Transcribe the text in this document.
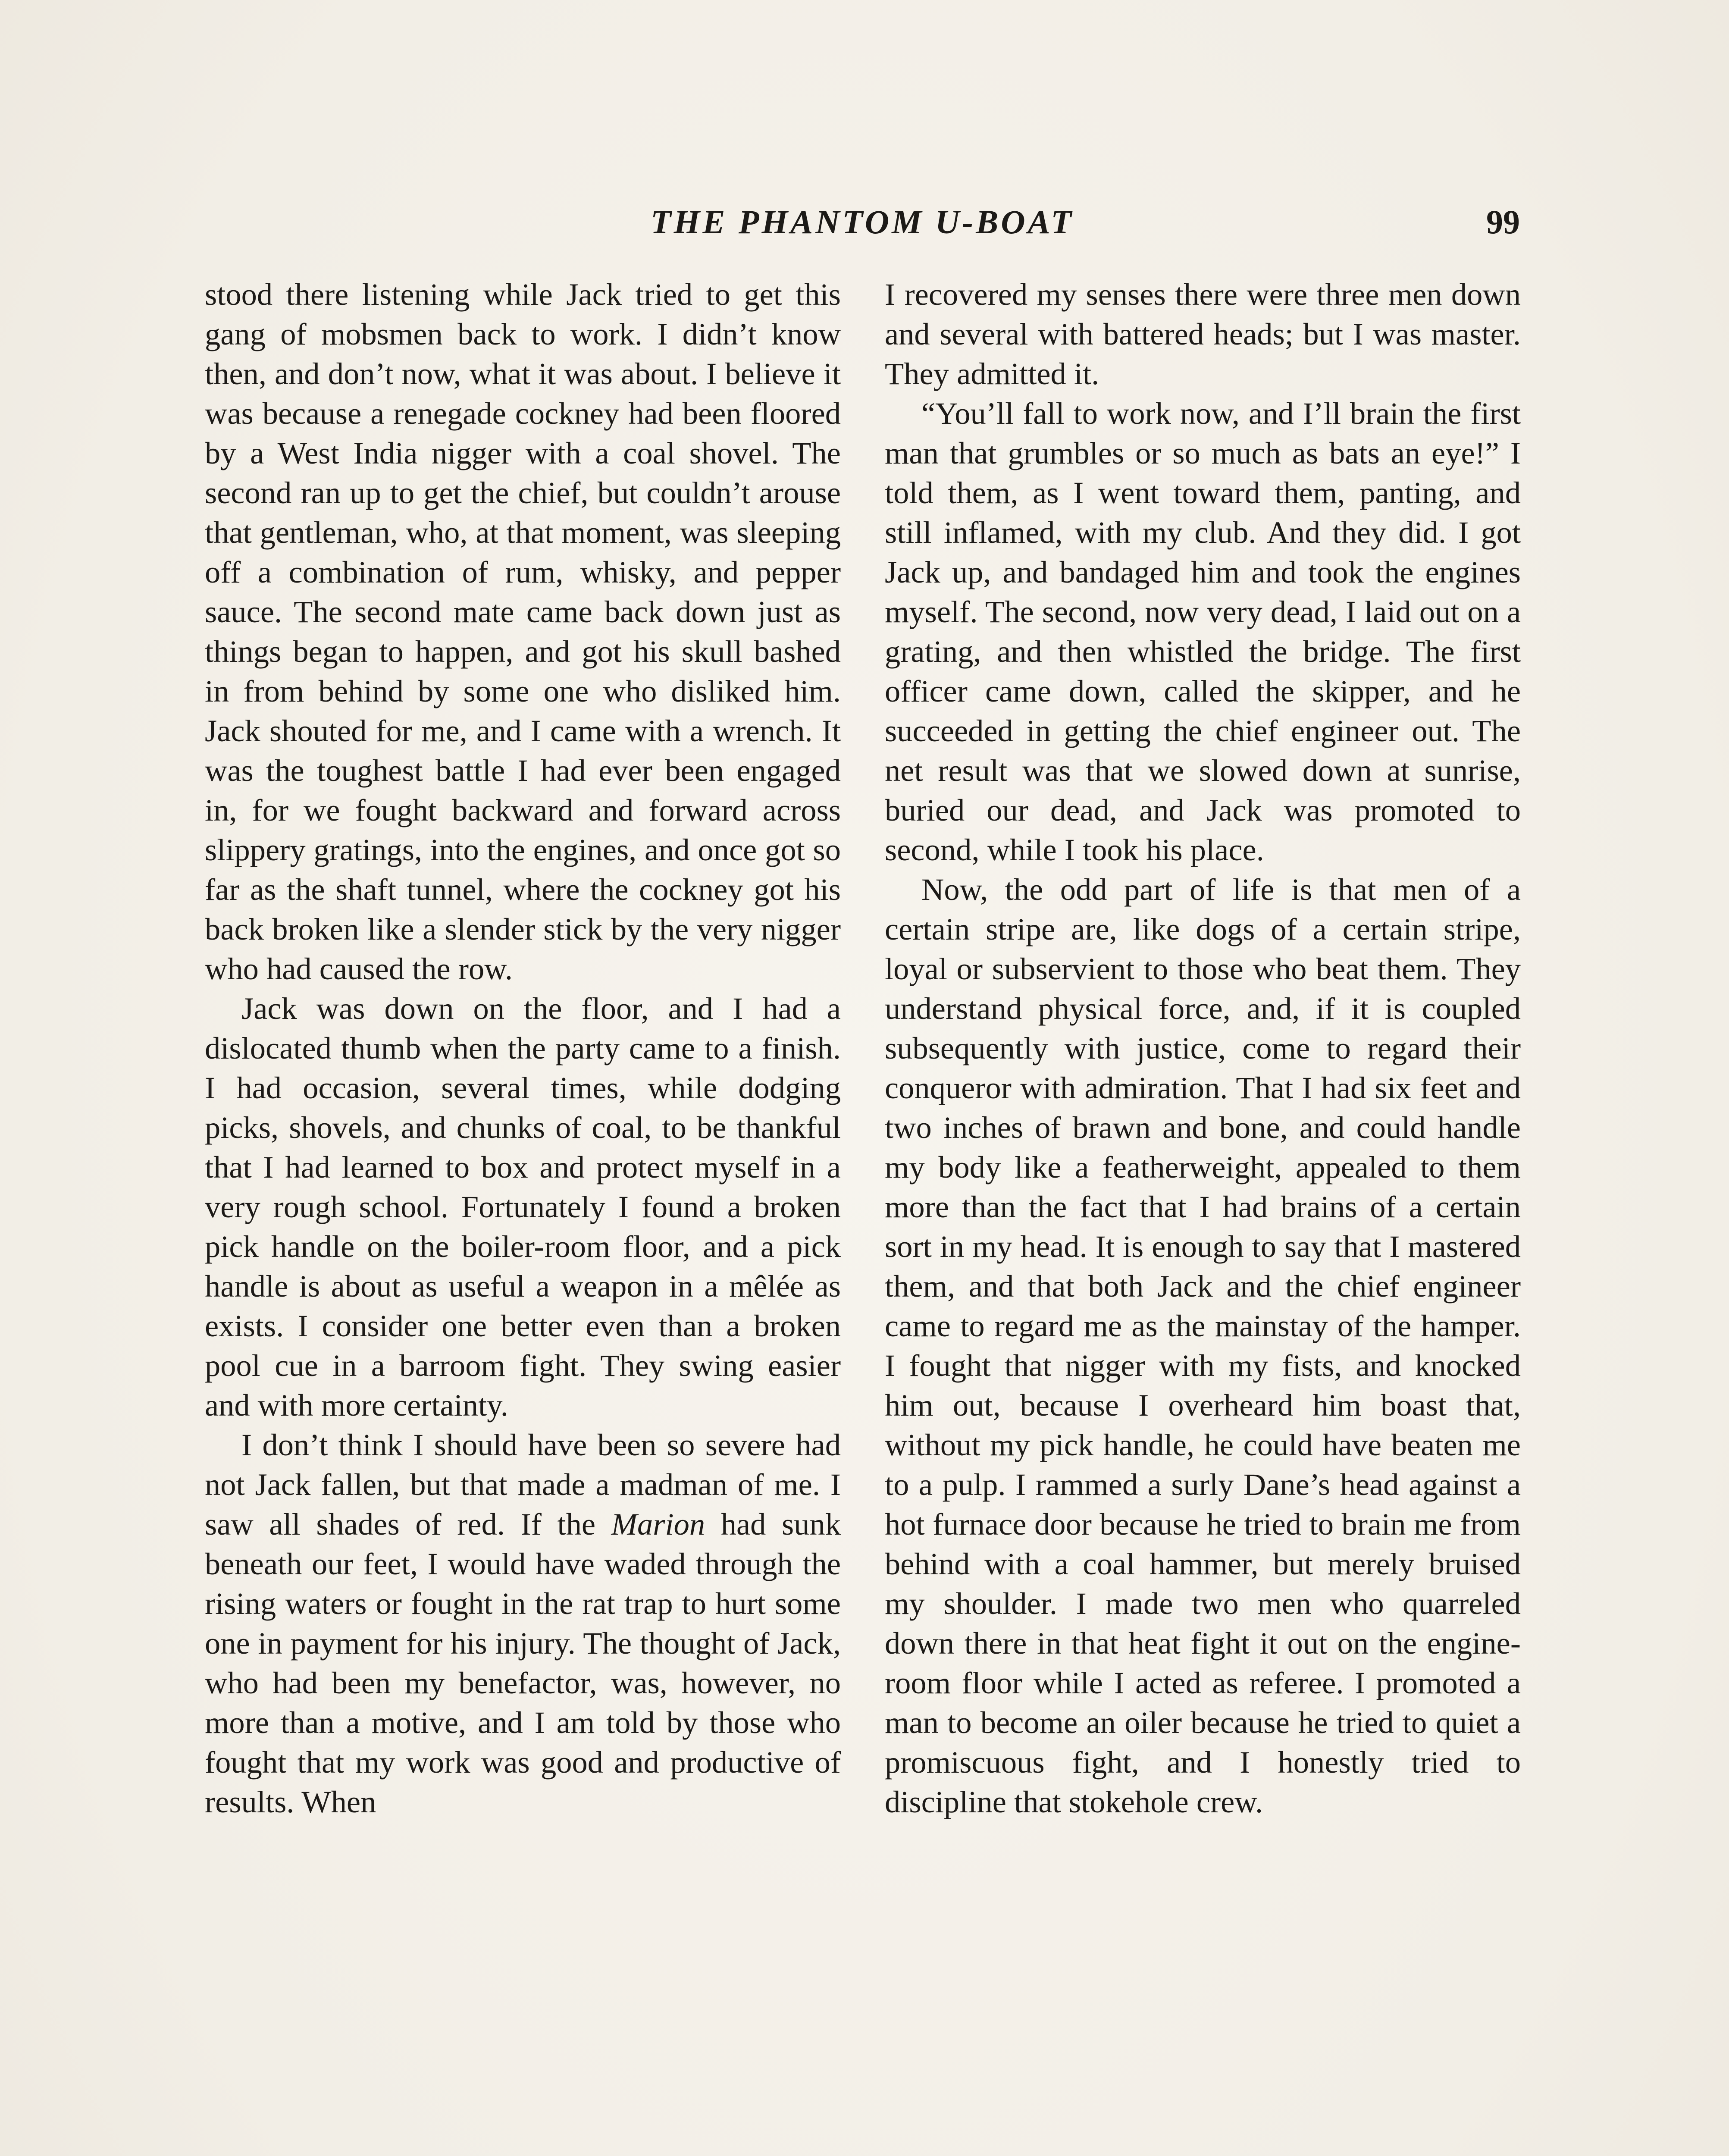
THE PHANTOM U-BOAT	99

stood there listening while Jack tried to get this gang of mobsmen back to work. I didn’t know then, and don’t now, what it was about. I believe it was because a renegade cockney had been floored by a West India nigger with a coal shovel. The second ran up to get the chief, but couldn’t arouse that gentleman, who, at that moment, was sleeping off a combination of rum, whisky, and pepper sauce. The second mate came back down just as things began to happen, and got his skull bashed in from behind by some one who disliked him. Jack shouted for me, and I came with a wrench. It was the toughest battle I had ever been engaged in, for we fought backward and forward across slippery gratings, into the engines, and once got so far as the shaft tunnel, where the cockney got his back broken like a slender stick by the very nigger who had caused the row.

Jack was down on the floor, and I had a dislocated thumb when the party came to a finish. I had occasion, several times, while dodging picks, shovels, and chunks of coal, to be thankful that I had learned to box and protect myself in a very rough school. Fortunately I found a broken pick handle on the boiler-room floor, and a pick handle is about as useful a weapon in a mêlée as exists. I consider one better even than a broken pool cue in a barroom fight. They swing easier and with more certainty.

I don’t think I should have been so severe had not Jack fallen, but that made a madman of me. I saw all shades of red. If the Marion had sunk beneath our feet, I would have waded through the rising waters or fought in the rat trap to hurt some one in payment for his injury. The thought of Jack, who had been my benefactor, was, however, no more than a motive, and I am told by those who fought that my work was good and productive of results. When

I recovered my senses there were three men down and several with battered heads; but I was master. They admitted it.

“You’ll fall to work now, and I’ll brain the first man that grumbles or so much as bats an eye!” I told them, as I went toward them, panting, and still inflamed, with my club. And they did. I got Jack up, and bandaged him and took the engines myself. The second, now very dead, I laid out on a grating, and then whistled the bridge. The first officer came down, called the skipper, and he succeeded in getting the chief engineer out. The net result was that we slowed down at sunrise, buried our dead, and Jack was promoted to second, while I took his place.

Now, the odd part of life is that men of a certain stripe are, like dogs of a certain stripe, loyal or subservient to those who beat them. They understand physical force, and, if it is coupled subsequently with justice, come to regard their conqueror with admiration. That I had six feet and two inches of brawn and bone, and could handle my body like a featherweight, appealed to them more than the fact that I had brains of a certain sort in my head. It is enough to say that I mastered them, and that both Jack and the chief engineer came to regard me as the mainstay of the hamper. I fought that nigger with my fists, and knocked him out, because I overheard him boast that, without my pick handle, he could have beaten me to a pulp. I rammed a surly Dane’s head against a hot furnace door because he tried to brain me from behind with a coal hammer, but merely bruised my shoulder. I made two men who quarreled down there in that heat fight it out on the engine-room floor while I acted as referee. I promoted a man to become an oiler because he tried to quiet a promiscuous fight, and I honestly tried to discipline that stokehole crew.
